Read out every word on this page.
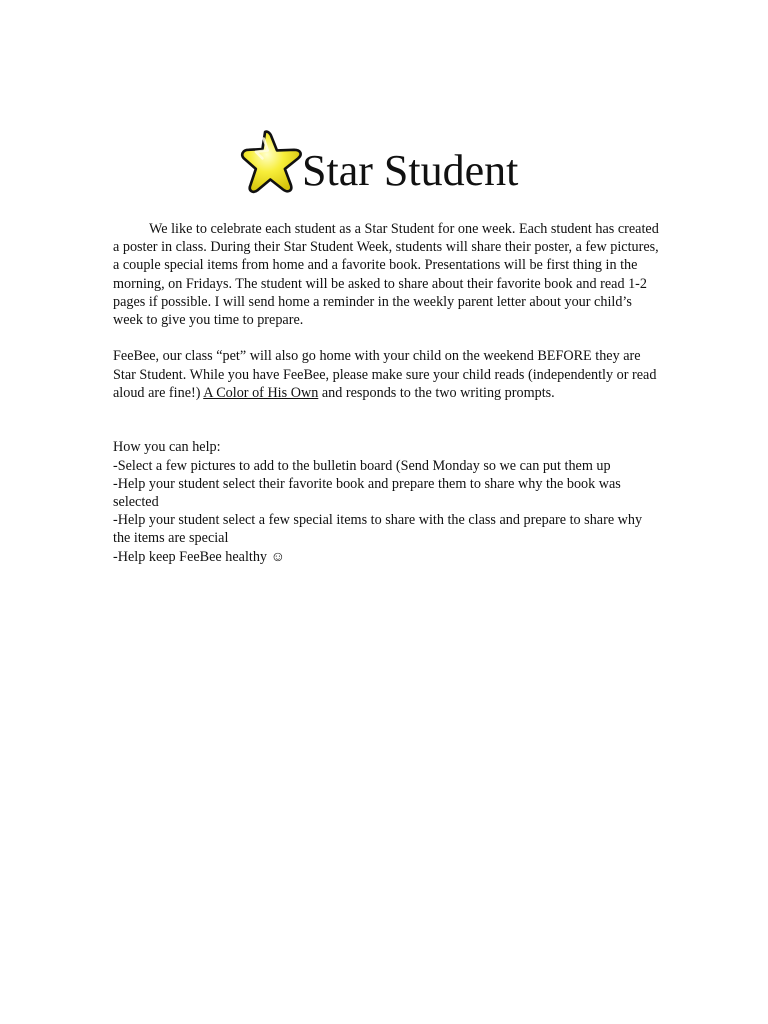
Star Student

We like to celebrate each student as a Star Student for one week. Each student has created a poster in class. During their Star Student Week, students will share their poster, a few pictures, a couple special items from home and a favorite book. Presentations will be first thing in the morning, on Fridays. The student will be asked to share about their favorite book and read 1-2 pages if possible. I will send home a reminder in the weekly parent letter about your child’s week to give you time to prepare.

FeeBee, our class “pet” will also go home with your child on the weekend BEFORE they are Star Student. While you have FeeBee, please make sure your child reads (independently or read aloud are fine!) A Color of His Own and responds to the two writing prompts.

How you can help:

-Select a few pictures to add to the bulletin board (Send Monday so we can put them up
-Help your student select their favorite book and prepare them to share why the book was selected
-Help your student select a few special items to share with the class and prepare to share why the items are special
-Help keep FeeBee healthy ☺
